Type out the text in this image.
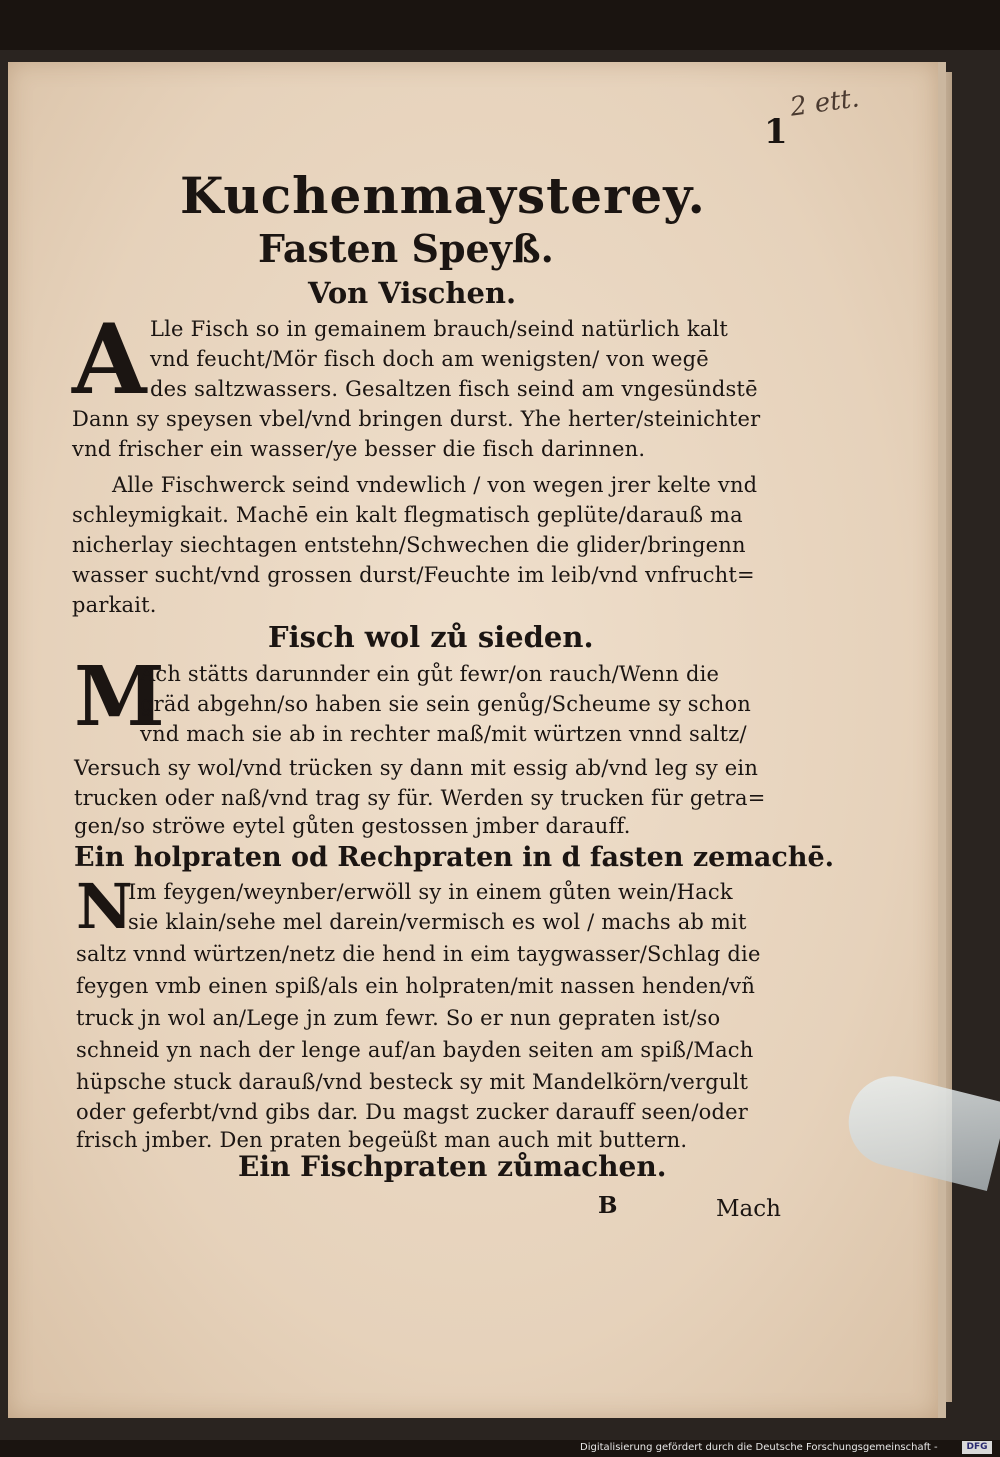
2 ett.
1
Kuchenmaysterey.
Fasten Speyß.
Von Vischen.
A Lle Fisch so in gemainem brauch/seind natürlich kalt
vnd feucht/Mör fisch doch am wenigsten/ von wegē
des saltzwassers. Gesaltzen fisch seind am vngesündstē
Dann sy speysen vbel/vnd bringen durst. Yhe herter/steinichter
vnd frischer ein wasser/ye besser die fisch darinnen.
Alle Fischwerck seind vndewlich / von wegen jrer kelte vnd
schleymigkait. Machē ein kalt flegmatisch geplüte/darauß ma
nicherlay siechtagen entstehn/Schwechen die glider/bringenn
wasser sucht/vnd grossen durst/Feuchte im leib/vnd vnfrucht=
parkait.
Fisch wol zů sieden.
M
Ach stätts darunnder ein gůt fewr/on rauch/Wenn die
gräd abgehn/so haben sie sein genůg/Scheume sy schon
vnd mach sie ab in rechter maß/mit würtzen vnnd saltz/
Versuch sy wol/vnd trücken sy dann mit essig ab/vnd leg sy ein
trucken oder naß/vnd trag sy für. Werden sy trucken für getra=
gen/so ströwe eytel gůten gestossen jmber darauff.
Ein holpraten od Rechpraten in d fasten zemachē.
N
Im feygen/weynber/erwöll sy in einem gůten wein/Hack
sie klain/sehe mel darein/vermisch es wol / machs ab mit
saltz vnnd würtzen/netz die hend in eim taygwasser/Schlag die
feygen vmb einen spiß/als ein holpraten/mit nassen henden/vñ
truck jn wol an/Lege jn zum fewr. So er nun gepraten ist/so
schneid yn nach der lenge auf/an bayden seiten am spiß/Mach
hüpsche stuck darauß/vnd besteck sy mit Mandelkörn/vergult
oder geferbt/vnd gibs dar. Du magst zucker darauff seen/oder
frisch jmber. Den praten begeüßt man auch mit buttern.
Ein Fischpraten zůmachen.
B	Mach
Digitalisierung gefördert durch die Deutsche Forschungsgemeinschaft -	DFG
